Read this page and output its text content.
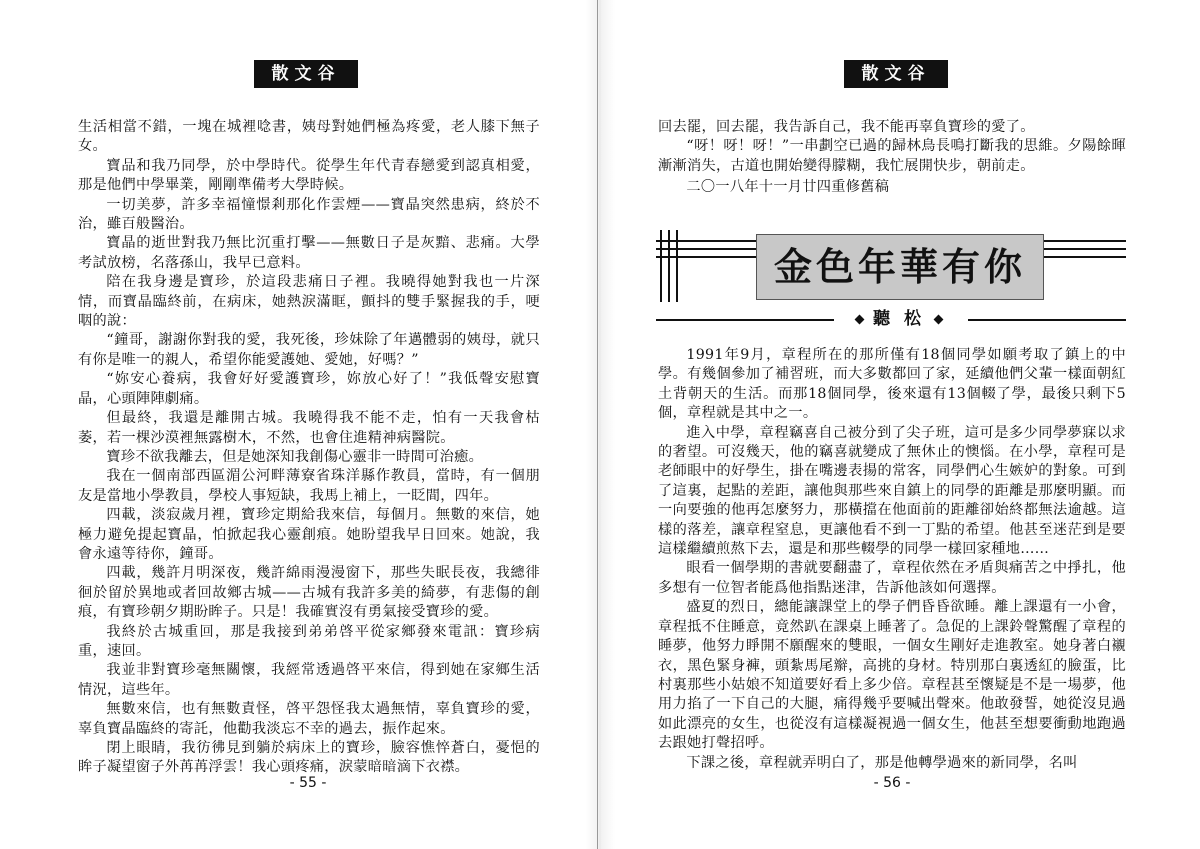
散文谷

生活相當不錯，一塊在城裡唸書，姨母對她們極為疼愛，老人膝下無子女。

寶品和我乃同學，於中學時代。從學生年代青春戀愛到認真相愛，那是他們中學畢業，剛剛準備考大學時候。

一切美夢，許多幸福憧憬剎那化作雲煙——寶晶突然患病，終於不治，雖百般醫治。

寶晶的逝世對我乃無比沉重打擊——無數日子是灰黯、悲痛。大學考試放榜，名落孫山，我早已意料。

陪在我身邊是寶珍，於這段悲痛日子裡。我曉得她對我也一片深情，而寶晶臨終前，在病床，她熱淚滿眶，顫抖的雙手緊握我的手，哽咽的說：

“鐘哥，謝謝你對我的愛，我死後，珍妹除了年邁體弱的姨母，就只有你是唯一的親人，希望你能愛護她、愛她，好嗎？”

“妳安心養病，我會好好愛護寶珍，妳放心好了！”我低聲安慰寶晶，心頭陣陣劇痛。

但最終，我還是離開古城。我曉得我不能不走，怕有一天我會枯萎，若一棵沙漠裡無露樹木，不然，也會住進精神病醫院。

寶珍不欲我離去，但是她深知我創傷心靈非一時間可治癒。

我在一個南部西區湄公河畔薄寮省珠洋縣作教員，當時，有一個朋友是當地小學教員，學校人事短缺，我馬上補上，一眨間，四年。

四載，淡寂歲月裡，寶珍定期給我來信，每個月。無數的來信，她極力避免提起寶晶，怕掀起我心靈創痕。她盼望我早日回來。她說，我會永遠等待你，鐘哥。

四載，幾許月明深夜，幾許綿雨漫漫窗下，那些失眠長夜，我總徘徊於留於異地或者回故鄉古城——古城有我許多美的綺夢，有悲傷的創痕，有寶珍朝夕期盼眸子。只是！我確實沒有勇氣接受寶珍的愛。

我終於古城重回，那是我接到弟弟啓平從家鄉發來電訊：寶珍病重，速回。

我並非對寶珍毫無關懷，我經常透過啓平來信，得到她在家鄉生活情況，這些年。

無數來信，也有無數責怪，啓平怨怪我太過無情，辜負寶珍的愛，辜負寶晶臨終的寄託，他勸我淡忘不幸的過去，振作起來。

閉上眼睛，我彷彿見到躺於病床上的寶珍，臉容憔悴蒼白，憂悒的眸子凝望窗子外苒苒浮雲！我心頭疼痛，淚蒙暗暗滴下衣襟。

- 55 -
散文谷

回去罷，回去罷，我告訴自己，我不能再辜負寶珍的愛了。

“呀！呀！呀！”一串劃空已過的歸林鳥長鳴打斷我的思維。夕陽餘暉漸漸消失，古道也開始變得朦糊，我忙展開快步，朝前走。

二〇一八年十一月廿四重修舊稿

金色年華有你
聽 松

1991年9月，章程所在的那所僅有18個同學如願考取了鎮上的中學。有幾個參加了補習班，而大多數都回了家，延續他們父輩一樣面朝紅土背朝天的生活。而那18個同學，後來還有13個輟了學，最後只剩下5個，章程就是其中之一。

進入中學，章程竊喜自己被分到了尖子班，這可是多少同學夢寐以求的奢望。可沒幾天，他的竊喜就變成了無休止的懊惱。在小學，章程可是老師眼中的好學生，掛在嘴邊表揚的常客，同學們心生嫉妒的對象。可到了這裏，起點的差距，讓他與那些來自鎮上的同學的距離是那麼明顯。而一向要強的他再怎麼努力，那橫擋在他面前的距離卻始終都無法逾越。這樣的落差，讓章程窒息，更讓他看不到一丁點的希望。他甚至迷茫到是要這樣繼續煎熬下去，還是和那些輟學的同學一樣回家種地……

眼看一個學期的書就要翻盡了，章程依然在矛盾與痛苦之中掙扎，他多想有一位智者能爲他指點迷津，告訴他該如何選擇。

盛夏的烈日，總能讓課堂上的學子們昏昏欲睡。離上課還有一小會，章程抵不住睡意，竟然趴在課桌上睡著了。急促的上課鈴聲驚醒了章程的睡夢，他努力睜開不願醒來的雙眼，一個女生剛好走進教室。她身著白襯衣，黑色緊身褲，頭紮馬尾辮，高挑的身材。特別那白裏透紅的臉蛋，比村裏那些小姑娘不知道要好看上多少倍。章程甚至懷疑是不是一場夢，他用力掐了一下自己的大腿，痛得幾乎要喊出聲來。他敢發誓，她從沒見過如此漂亮的女生，也從沒有這樣凝視過一個女生，他甚至想要衝動地跑過去跟她打聲招呼。

下課之後，章程就弄明白了，那是他轉學過來的新同學，名叫

- 56 -
